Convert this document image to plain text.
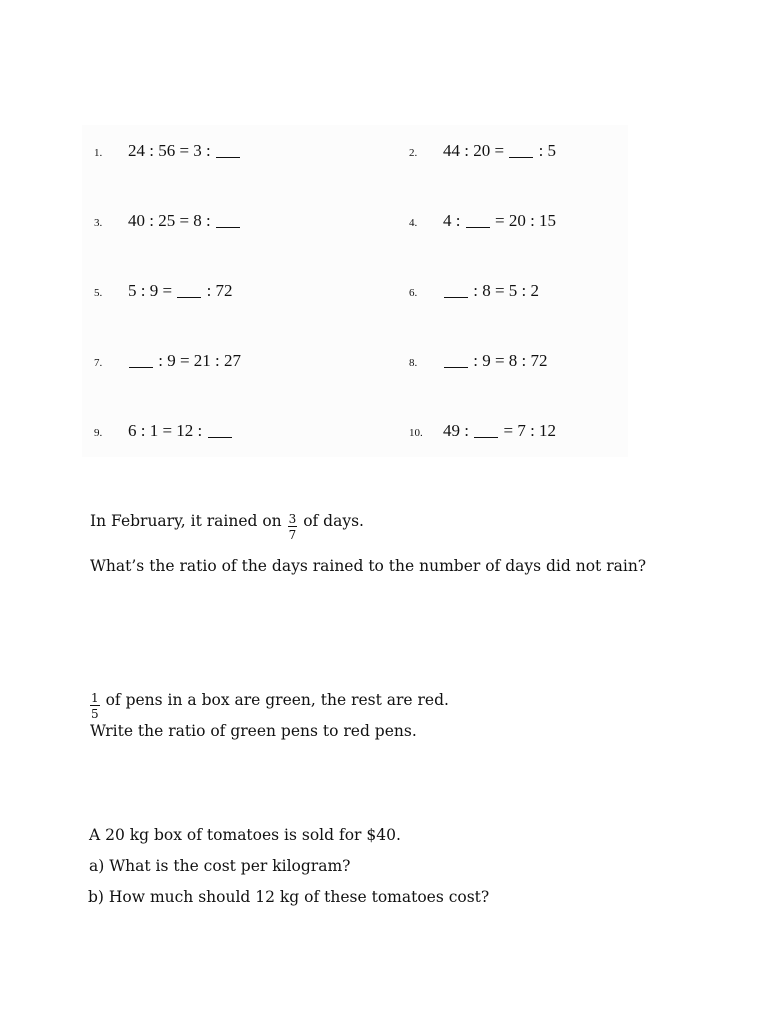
1.	24 : 56 = 3 :	2.	44 : 20 =  : 5
3.	40 : 25 = 8 :	4.	4 :  = 20 : 15
5.	5 : 9 =  : 72	6.	: 8 = 5 : 2
7.	: 9 = 21 : 27	8.	: 9 = 8 : 72
9.	6 : 1 = 12 :	10.	49 :  = 7 : 12
In February, it rained on $\frac{3}{7}$ of days.
What’s the ratio of the days rained to the number of days did not rain?
$\frac{1}{5}$ of pens in a box are green, the rest are red.
Write the ratio of green pens to red pens.
A 20 kg box of tomatoes is sold for $40.
a) What is the cost per kilogram?
b) How much should 12 kg of these tomatoes cost?
